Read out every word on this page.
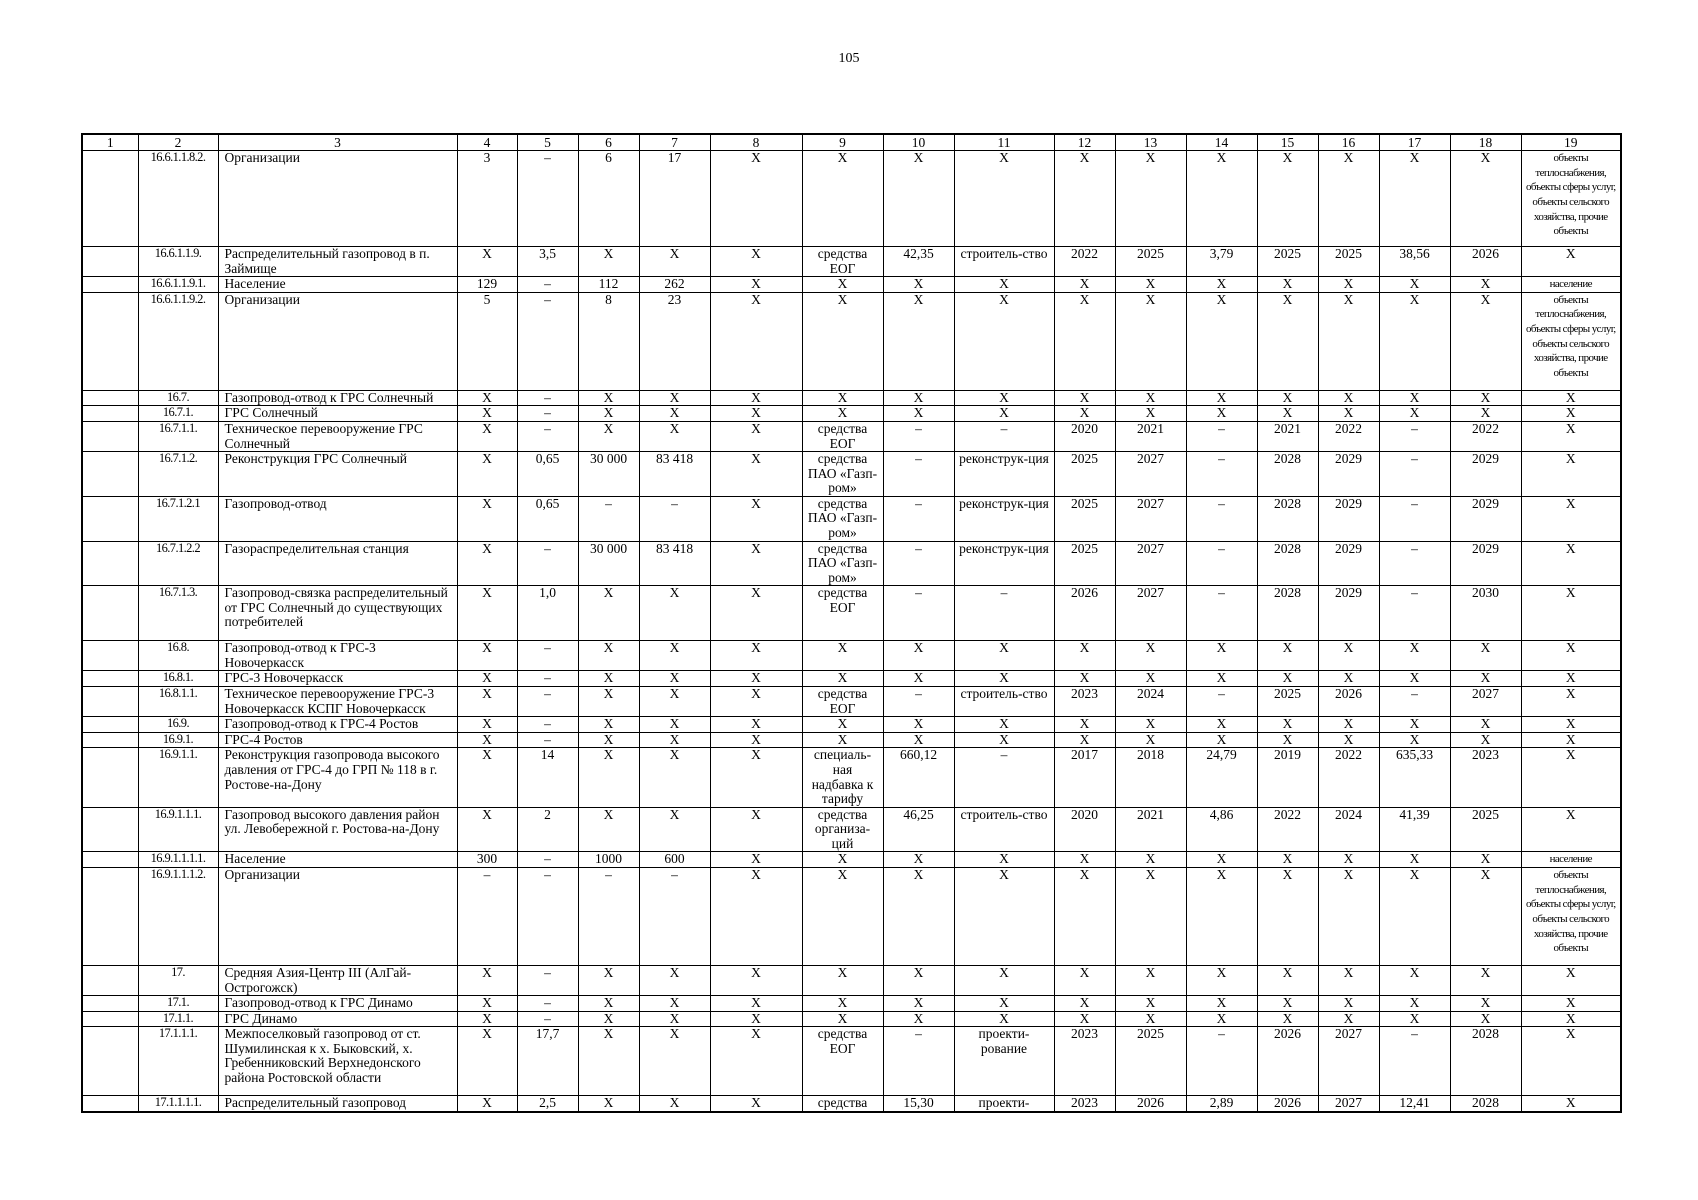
105
1	2	3	4	5	6	7	8	9	10	11	12	13	14	15	16	17	18	19
	16.6.1.1.8.2.	Организации	3	–	6	17	X	X	X	X	X	X	X	X	X	X	X	объекты теплоснабжения, объекты сферы услуг, объекты сельского хозяйства, прочие объекты
	16.6.1.1.9.	Распределительный газопровод в п. Займище	X	3,5	X	X	X	средства ЕОГ	42,35	строитель-ство	2022	2025	3,79	2025	2025	38,56	2026	X
	16.6.1.1.9.1.	Население	129	–	112	262	X	X	X	X	X	X	X	X	X	X	X	население
	16.6.1.1.9.2.	Организации	5	–	8	23	X	X	X	X	X	X	X	X	X	X	X	объекты теплоснабжения, объекты сферы услуг, объекты сельского хозяйства, прочие объекты
	16.7.	Газопровод-отвод к ГРС Солнечный	X	–	X	X	X	X	X	X	X	X	X	X	X	X	X	X
	16.7.1.	ГРС Солнечный	X	–	X	X	X	X	X	X	X	X	X	X	X	X	X	X
	16.7.1.1.	Техническое перевооружение ГРС Солнечный	X	–	X	X	X	средства ЕОГ	–	–	2020	2021	–	2021	2022	–	2022	X
	16.7.1.2.	Реконструкция ГРС Солнечный	X	0,65	30 000	83 418	X	средства ПАО «Газп-ром»	–	реконструк-ция	2025	2027	–	2028	2029	–	2029	X
	16.7.1.2.1	Газопровод-отвод	X	0,65	–	–	X	средства ПАО «Газп-ром»	–	реконструк-ция	2025	2027	–	2028	2029	–	2029	X
	16.7.1.2.2	Газораспределительная станция	X	–	30 000	83 418	X	средства ПАО «Газп-ром»	–	реконструк-ция	2025	2027	–	2028	2029	–	2029	X
	16.7.1.3.	Газопровод-связка распределительный от ГРС Солнечный до существующих потребителей	X	1,0	X	X	X	средства ЕОГ	–	–	2026	2027	–	2028	2029	–	2030	X
	16.8.	Газопровод-отвод к ГРС-3 Новочеркасск	X	–	X	X	X	X	X	X	X	X	X	X	X	X	X	X
	16.8.1.	ГРС-3 Новочеркасск	X	–	X	X	X	X	X	X	X	X	X	X	X	X	X	X
	16.8.1.1.	Техническое перевооружение ГРС-3 Новочеркасск КСПГ Новочеркасск	X	–	X	X	X	средства ЕОГ	–	строитель-ство	2023	2024	–	2025	2026	–	2027	X
	16.9.	Газопровод-отвод к ГРС-4 Ростов	X	–	X	X	X	X	X	X	X	X	X	X	X	X	X	X
	16.9.1.	ГРС-4 Ростов	X	–	X	X	X	X	X	X	X	X	X	X	X	X	X	X
	16.9.1.1.	Реконструкция газопровода высокого давления от ГРС-4 до ГРП № 118 в г. Ростове-на-Дону	X	14	X	X	X	специаль-ная надбавка к тарифу	660,12	–	2017	2018	24,79	2019	2022	635,33	2023	X
	16.9.1.1.1.	Газопровод высокого давления район ул. Левобережной г. Ростова-на-Дону	X	2	X	X	X	средства организа-ций	46,25	строитель-ство	2020	2021	4,86	2022	2024	41,39	2025	X
	16.9.1.1.1.1.	Население	300	–	1000	600	X	X	X	X	X	X	X	X	X	X	X	население
	16.9.1.1.1.2.	Организации	–	–	–	–	X	X	X	X	X	X	X	X	X	X	X	объекты теплоснабжения, объекты сферы услуг, объекты сельского хозяйства, прочие объекты
	17.	Средняя Азия-Центр III (АлГай-Острогожск)	X	–	X	X	X	X	X	X	X	X	X	X	X	X	X	X
	17.1.	Газопровод-отвод к ГРС Динамо	X	–	X	X	X	X	X	X	X	X	X	X	X	X	X	X
	17.1.1.	ГРС Динамо	X	–	X	X	X	X	X	X	X	X	X	X	X	X	X	X
	17.1.1.1.	Межпоселковый газопровод от ст. Шумилинская к х. Быковский, х. Гребенниковский Верхнедонского района Ростовской области	X	17,7	X	X	X	средства ЕОГ	–	проекти-рование	2023	2025	–	2026	2027	–	2028	X
	17.1.1.1.1.	Распределительный газопровод	X	2,5	X	X	X	средства	15,30	проекти-	2023	2026	2,89	2026	2027	12,41	2028	X
